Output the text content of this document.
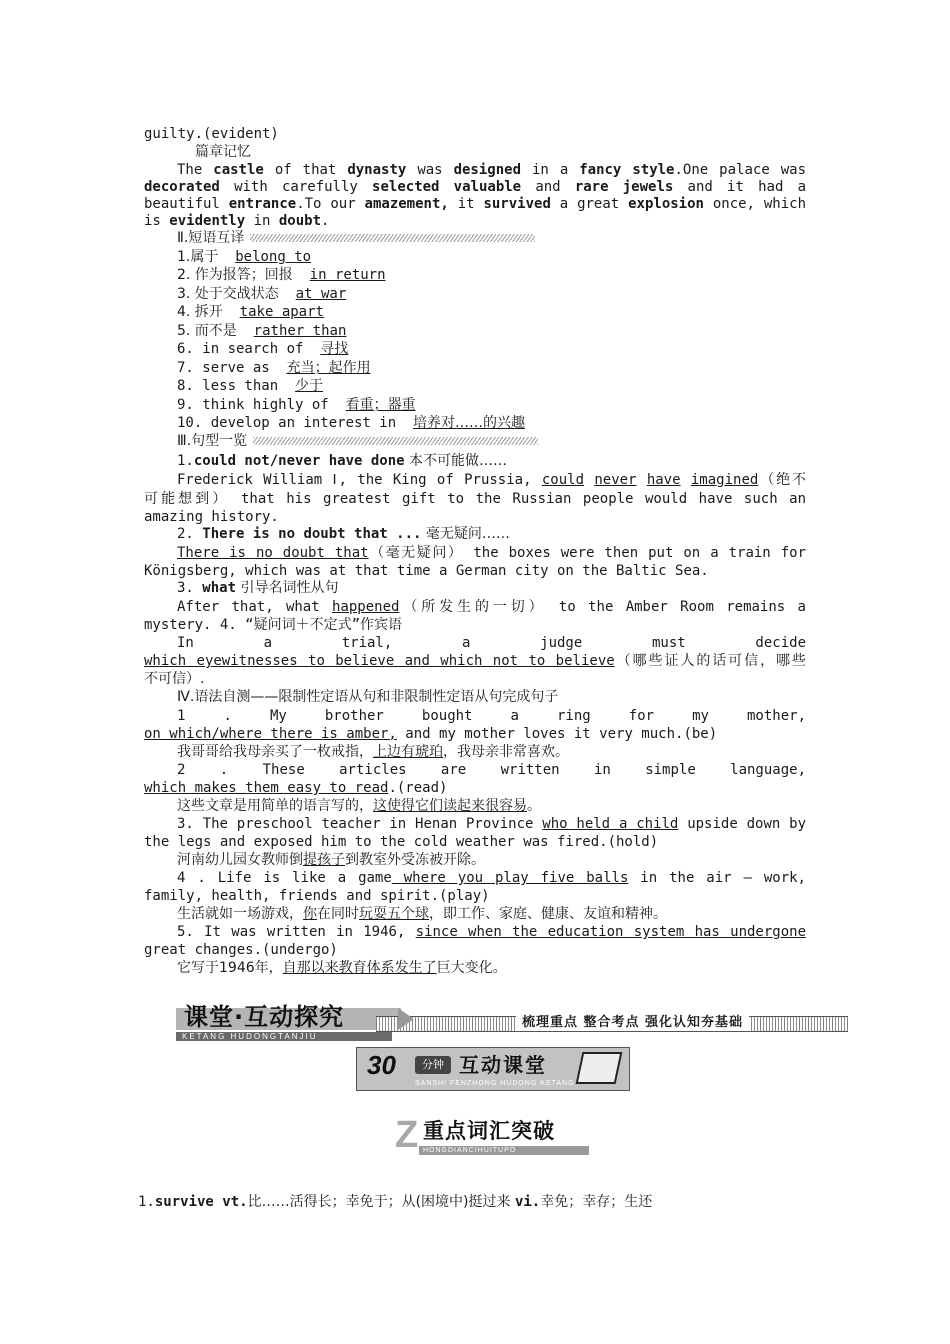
guilty.(evident)
篇章记忆
The castle of that dynasty was designed in a fancy style.One palace was
decorated with carefully selected valuable and rare jewels and it had a
beautiful entrance.To our amazement, it survived a great explosion once, which
is evidently in doubt.
Ⅱ.短语互译
1.属于 belong to
2. 作为报答；回报 in return
3. 处于交战状态 at war
4. 拆开 take apart
5. 而不是 rather than
6. in search of 寻找
7. serve as 充当；起作用
8. less than 少于
9. think highly of 看重；器重
10. develop an interest in 培养对……的兴趣
Ⅲ.句型一览
1.could not/never have done 本不可能做……
Frederick William Ⅰ, the King of Prussia, could never have imagined（绝不
可能想到） that his greatest gift to the Russian people would have such an
amazing history.
2. There is no doubt that ... 毫无疑问……
There is no doubt that（毫无疑问） the boxes were then put on a train for
Königsberg, which was at that time a German city on the Baltic Sea.
3. what 引导名词性从句
After that, what happened（所发生的一切） to the Amber Room remains a
mystery. 4. “疑问词＋不定式”作宾语
In a trial, a judge must decide
which eyewitnesses to believe and which not to believe（哪些证人的话可信，哪些
不可信）.
Ⅳ.语法自测——限制性定语从句和非限制性定语从句完成句子
1 . My brother bought a ring for my mother,
on which/where there is amber, and my mother loves it very much.(be)
我哥哥给我母亲买了一枚戒指，上边有琥珀，我母亲非常喜欢。
2 . These articles are written in simple language,
which makes them easy to read.(read)
这些文章是用简单的语言写的，这使得它们读起来很容易。
3. The preschool teacher in Henan Province who held a child upside down by
the legs and exposed him to the cold weather was fired.(hold)
河南幼儿园女教师倒提孩子到教室外受冻被开除。
4 . Life is like a game where you play five balls in the air — work,
family, health, friends and spirit.(play)
生活就如一场游戏，你在同时玩耍五个球，即工作、家庭、健康、友谊和精神。
5. It was written in 1946, since when the education system has undergone
great changes.(undergo)
它写于1946年，自那以来教育体系发生了巨大变化。
课堂·互动探究
KETANG HUDONGTANJIU
梳理重点 整合考点 强化认知夯基础
30	分钟 互动课堂
SANSHI FENZHONG HUDONG KETANG
Z 重点词汇突破
HONGDIANCIHUITUPO
1.survive vt.比……活得长；幸免于；从(困境中)挺过来 vi.幸免；幸存；生还
